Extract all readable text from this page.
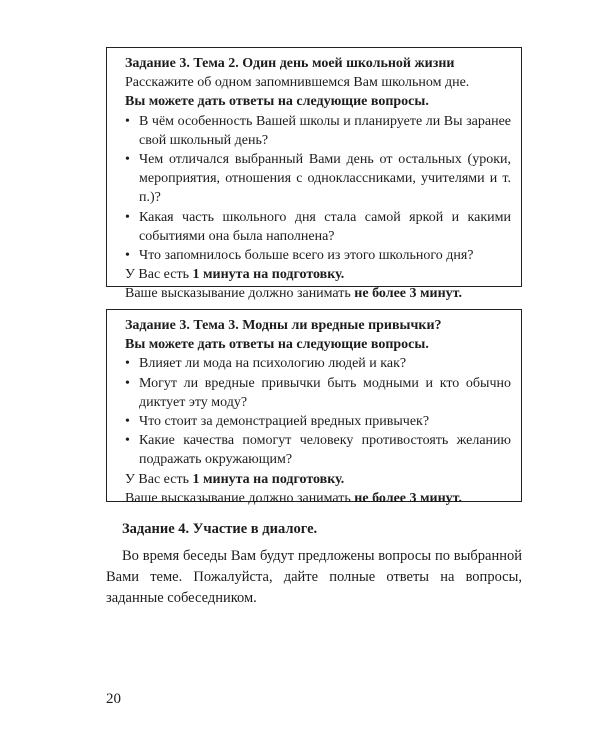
Задание 3. Тема 2. Один день моей школьной жизни

Расскажите об одном запомнившемся Вам школьном дне.

Вы можете дать ответы на следующие вопросы.

• В чём особенность Вашей школы и планируете ли Вы заранее свой школьный день?
• Чем отличался выбранный Вами день от остальных (уроки, мероприятия, отношения с одноклассниками, учителями и т. п.)?
• Какая часть школьного дня стала самой яркой и какими событиями она была наполнена?
• Что запомнилось больше всего из этого школьного дня?

У Вас есть 1 минута на подготовку.

Ваше высказывание должно занимать не более 3 минут.

Задание 3. Тема 3. Модны ли вредные привычки?

Вы можете дать ответы на следующие вопросы.

• Влияет ли мода на психологию людей и как?
• Могут ли вредные привычки быть модными и кто обычно диктует эту моду?
• Что стоит за демонстрацией вредных привычек?
• Какие качества помогут человеку противостоять желанию подражать окружающим?

У Вас есть 1 минута на подготовку.

Ваше высказывание должно занимать не более 3 минут.

Задание 4. Участие в диалоге.

Во время беседы Вам будут предложены вопросы по выбранной Вами теме. Пожалуйста, дайте полные ответы на вопросы, заданные собеседником.

20
